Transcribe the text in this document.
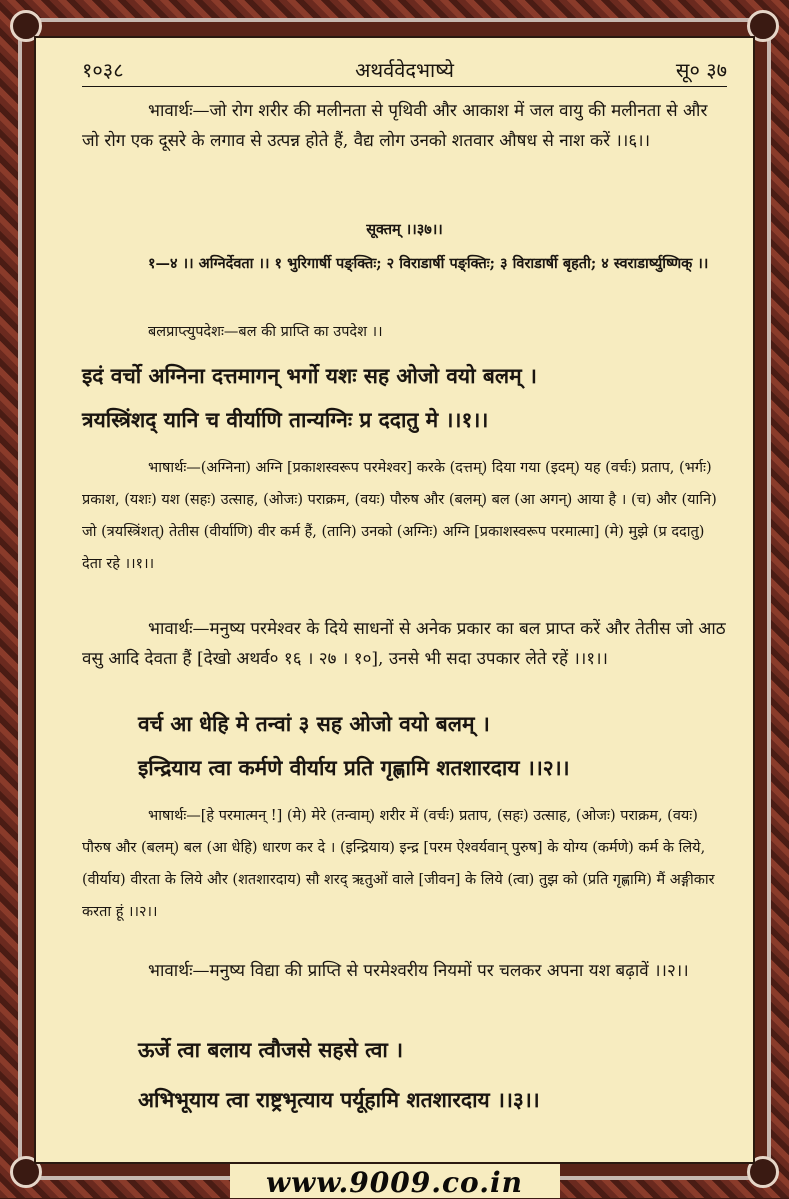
१०३८	अथर्ववेदभाष्ये	सू० ३७
भावार्थः—जो रोग शरीर की मलीनता से पृथिवी और आकाश में जल वायु की मलीनता से और जो रोग एक दूसरे के लगाव से उत्पन्न होते हैं, वैद्य लोग उनको शतवार औषध से नाश करें ।।६।।
सूक्तम् ।।३७।।
१—४ ।। अग्निर्देवता ।। १ भुरिगार्षी पङ्क्तिः; २ विराडार्षी पङ्क्तिः; ३ विराडार्षी बृहती; ४ स्वराडार्ष्युष्णिक् ।।
बलप्राप्त्युपदेशः—बल की प्राप्ति का उपदेश ।।
इदं वर्चो अग्निना दत्तमागन् भर्गो यशः सह ओजो वयो बलम् ।
त्रयस्त्रिंशद् यानि च वीर्याणि तान्यग्निः प्र ददातु मे ।।१।।
भाषार्थः—(अग्निना) अग्नि [प्रकाशस्वरूप परमेश्वर] करके (दत्तम्) दिया गया (इदम्) यह (वर्चः) प्रताप, (भर्गः) प्रकाश, (यशः) यश (सहः) उत्साह, (ओजः) पराक्रम, (वयः) पौरुष और (बलम्) बल (आ अगन्) आया है । (च) और (यानि) जो (त्रयस्त्रिंशत्) तेतीस (वीर्याणि) वीर कर्म हैं, (तानि) उनको (अग्निः) अग्नि [प्रकाशस्वरूप परमात्मा] (मे) मुझे (प्र ददातु) देता रहे ।।१।।
भावार्थः—मनुष्य परमेश्वर के दिये साधनों से अनेक प्रकार का बल प्राप्त करें और तेतीस जो आठ वसु आदि देवता हैं [देखो अथर्व० १६ । २७ । १०], उनसे भी सदा उपकार लेते रहें ।।१।।
वर्च आ धेहि मे तन्वां ३ सह ओजो वयो बलम् ।
इन्द्रियाय त्वा कर्मणे वीर्याय प्रति गृह्णामि शतशारदाय ।।२।।
भाषार्थः—[हे परमात्मन् !] (मे) मेरे (तन्वाम्) शरीर में (वर्चः) प्रताप, (सहः) उत्साह, (ओजः) पराक्रम, (वयः) पौरुष और (बलम्) बल (आ धेहि) धारण कर दे । (इन्द्रियाय) इन्द्र [परम ऐश्वर्यवान् पुरुष] के योग्य (कर्मणे) कर्म के लिये, (वीर्याय) वीरता के लिये और (शतशारदाय) सौ शरद् ऋतुओं वाले [जीवन] के लिये (त्वा) तुझ को (प्रति गृह्णामि) मैं अङ्गीकार करता हूं ।।२।।
भावार्थः—मनुष्य विद्या की प्राप्ति से परमेश्वरीय नियमों पर चलकर अपना यश बढ़ावें ।।२।।
ऊर्जे त्वा बलाय त्वौजसे सहसे त्वा ।
अभिभूयाय त्वा राष्ट्रभृत्याय पर्यूहामि शतशारदाय ।।३।।
www.9009.co.in
